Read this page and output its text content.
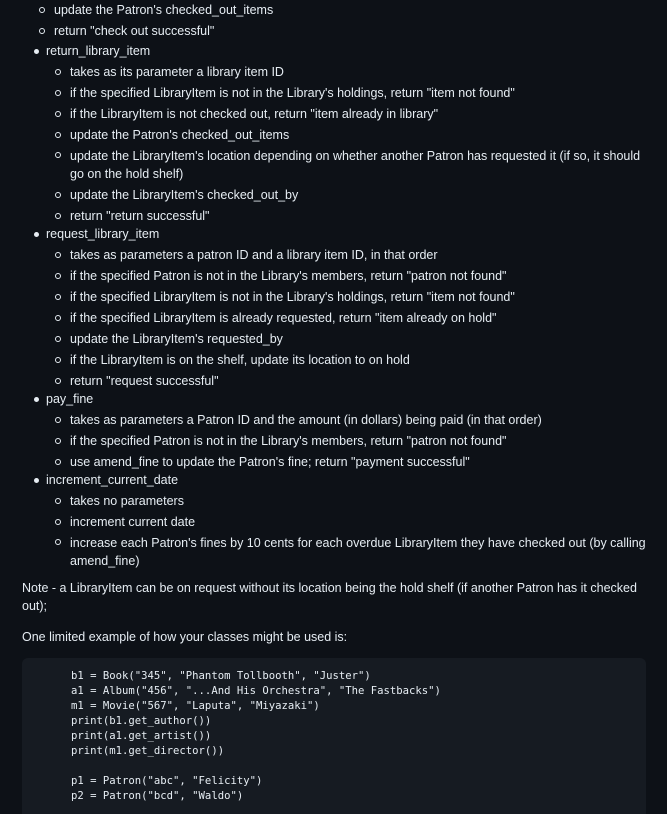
update the Patron's checked_out_items
return "check out successful"
return_library_item
takes as its parameter a library item ID
if the specified LibraryItem is not in the Library's holdings, return "item not found"
if the LibraryItem is not checked out, return "item already in library"
update the Patron's checked_out_items
update the LibraryItem's location depending on whether another Patron has requested it (if so, it should go on the hold shelf)
update the LibraryItem's checked_out_by
return "return successful"
request_library_item
takes as parameters a patron ID and a library item ID, in that order
if the specified Patron is not in the Library's members, return "patron not found"
if the specified LibraryItem is not in the Library's holdings, return "item not found"
if the specified LibraryItem is already requested, return "item already on hold"
update the LibraryItem's requested_by
if the LibraryItem is on the shelf, update its location to on hold
return "request successful"
pay_fine
takes as parameters a Patron ID and the amount (in dollars) being paid (in that order)
if the specified Patron is not in the Library's members, return "patron not found"
use amend_fine to update the Patron's fine; return "payment successful"
increment_current_date
takes no parameters
increment current date
increase each Patron's fines by 10 cents for each overdue LibraryItem they have checked out (by calling amend_fine)

Note - a LibraryItem can be on request without its location being the hold shelf (if another Patron has it checked out);

One limited example of how your classes might be used is:

b1 = Book("345", "Phantom Tollbooth", "Juster")
a1 = Album("456", "...And His Orchestra", "The Fastbacks")
m1 = Movie("567", "Laputa", "Miyazaki")
print(b1.get_author())
print(a1.get_artist())
print(m1.get_director())
p1 = Patron("abc", "Felicity")
p2 = Patron("bcd", "Waldo")
